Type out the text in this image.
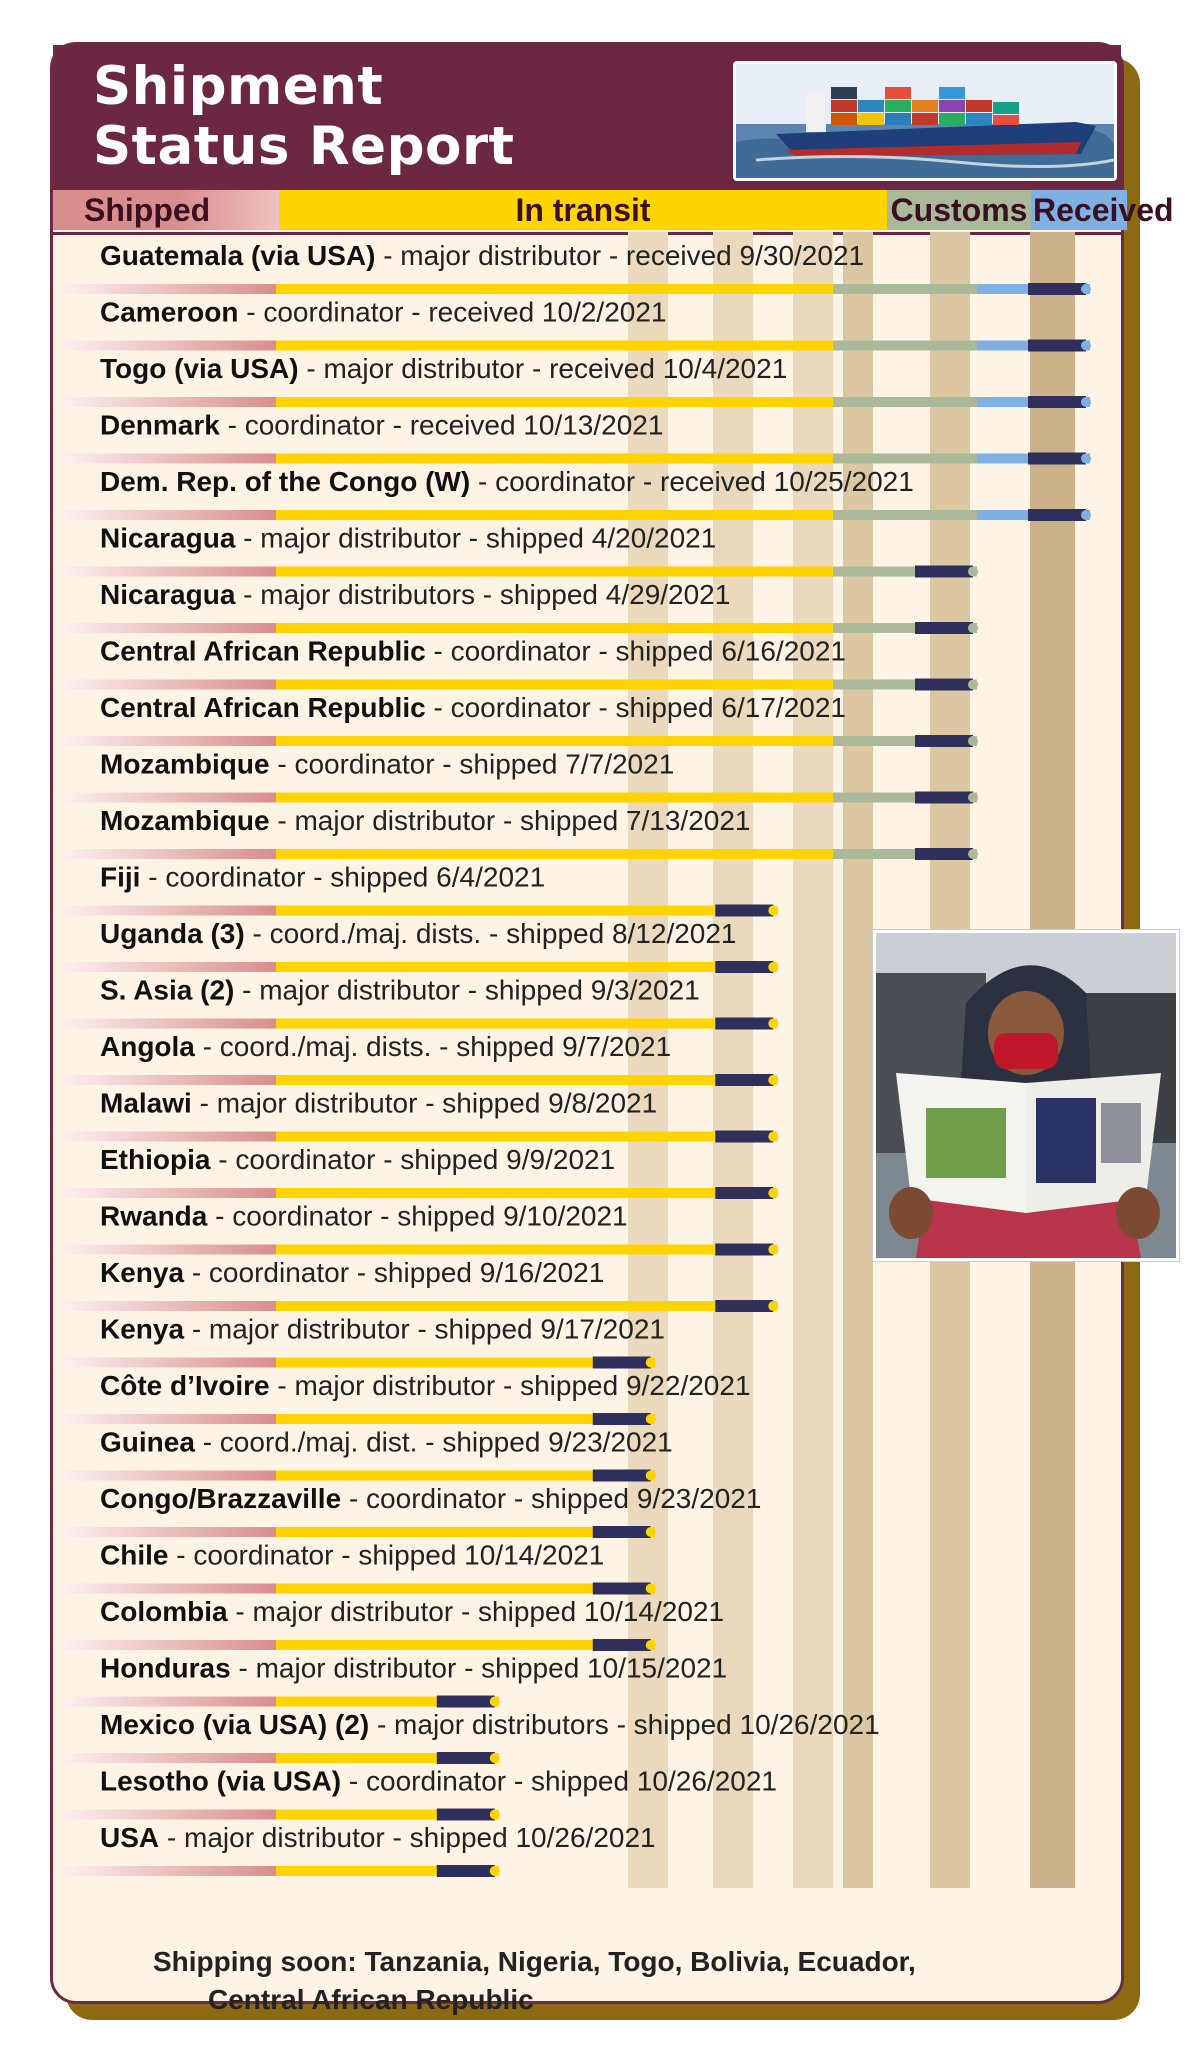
Shipment
Status Report
Shipped	In transit	Customs Received
Shipping soon: Tanzania, Nigeria, Togo, Bolivia, Ecuador,
Central African Republic
Guatemala (via USA) - major distributor - received 9/30/2021
Cameroon - coordinator - received 10/2/2021
Togo (via USA) - major distributor - received 10/4/2021
Denmark - coordinator - received 10/13/2021
Dem. Rep. of the Congo (W) - coordinator - received 10/25/2021
Nicaragua - major distributor - shipped 4/20/2021
Nicaragua - major distributors - shipped 4/29/2021
Central African Republic - coordinator - shipped 6/16/2021
Central African Republic - coordinator - shipped 6/17/2021
Mozambique - coordinator - shipped 7/7/2021
Mozambique - major distributor - shipped 7/13/2021
Fiji - coordinator - shipped 6/4/2021
Uganda (3) - coord./maj. dists. - shipped 8/12/2021
S. Asia (2) - major distributor - shipped 9/3/2021
Angola - coord./maj. dists. - shipped 9/7/2021
Malawi - major distributor - shipped 9/8/2021
Ethiopia - coordinator - shipped 9/9/2021
Rwanda - coordinator - shipped 9/10/2021
Kenya - coordinator - shipped 9/16/2021
Kenya - major distributor - shipped 9/17/2021
Côte d’Ivoire - major distributor - shipped 9/22/2021
Guinea - coord./maj. dist. - shipped 9/23/2021
Congo/Brazzaville - coordinator - shipped 9/23/2021
Chile - coordinator - shipped 10/14/2021
Colombia - major distributor - shipped 10/14/2021
Honduras - major distributor - shipped 10/15/2021
Mexico (via USA) (2) - major distributors - shipped 10/26/2021
Lesotho (via USA) - coordinator - shipped 10/26/2021
USA - major distributor - shipped 10/26/2021
